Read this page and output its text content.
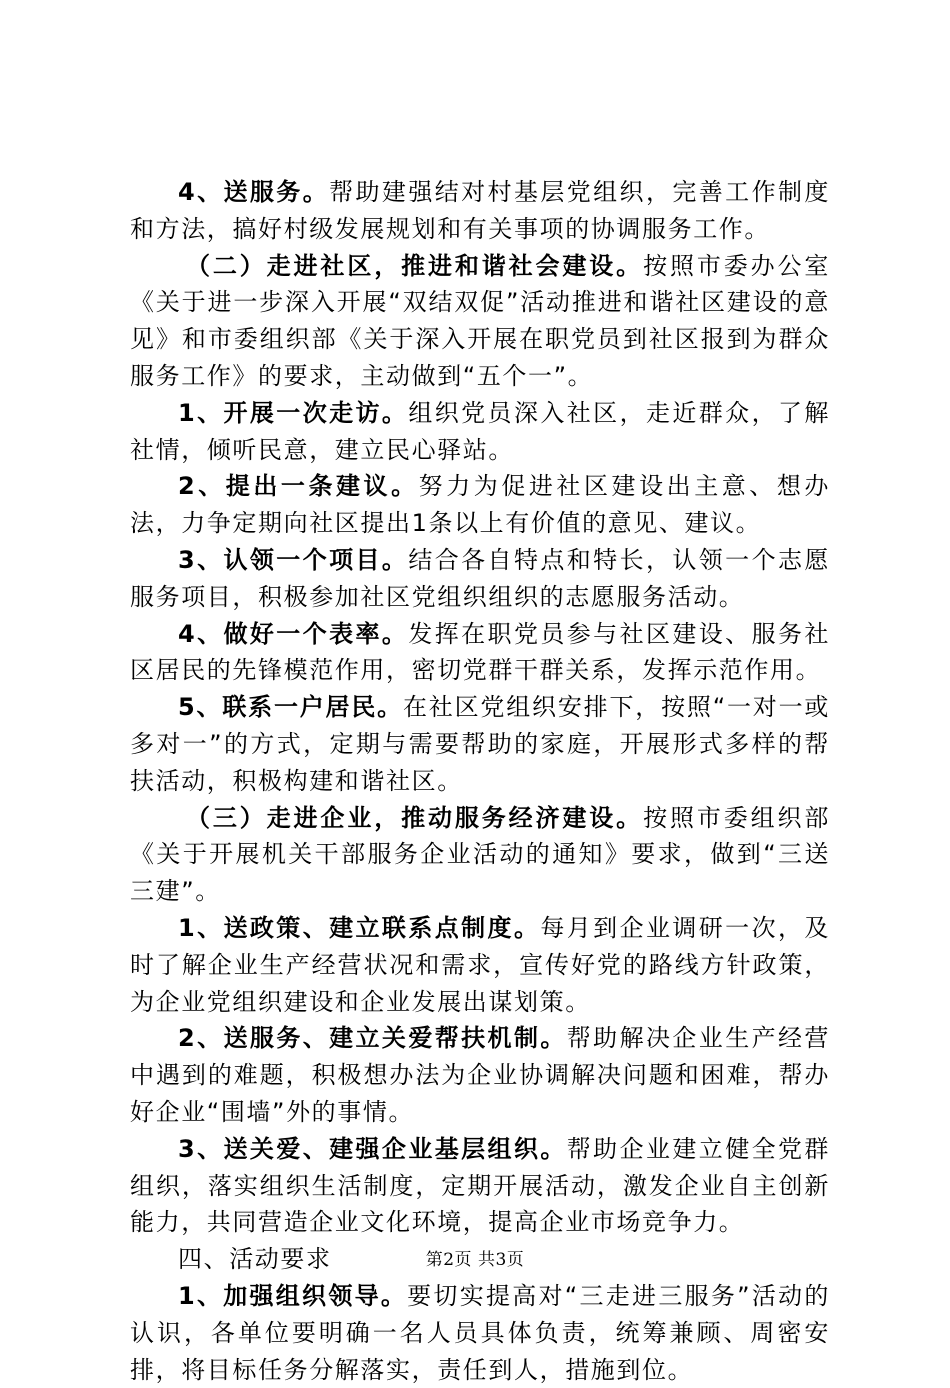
4、送服务。帮助建强结对村基层党组织，完善工作制度和方法，搞好村级发展规划和有关事项的协调服务工作。

（二）走进社区，推进和谐社会建设。按照市委办公室《关于进一步深入开展“双结双促”活动推进和谐社区建设的意见》和市委组织部《关于深入开展在职党员到社区报到为群众服务工作》的要求，主动做到“五个一”。

1、开展一次走访。组织党员深入社区，走近群众，了解社情，倾听民意，建立民心驿站。

2、提出一条建议。努力为促进社区建设出主意、想办法，力争定期向社区提出1条以上有价值的意见、建议。

3、认领一个项目。结合各自特点和特长，认领一个志愿服务项目，积极参加社区党组织组织的志愿服务活动。

4、做好一个表率。发挥在职党员参与社区建设、服务社区居民的先锋模范作用，密切党群干群关系，发挥示范作用。

5、联系一户居民。在社区党组织安排下，按照“一对一或多对一”的方式，定期与需要帮助的家庭，开展形式多样的帮扶活动，积极构建和谐社区。

（三）走进企业，推动服务经济建设。按照市委组织部《关于开展机关干部服务企业活动的通知》要求，做到“三送三建”。

1、送政策、建立联系点制度。每月到企业调研一次，及时了解企业生产经营状况和需求，宣传好党的路线方针政策，为企业党组织建设和企业发展出谋划策。

2、送服务、建立关爱帮扶机制。帮助解决企业生产经营中遇到的难题，积极想办法为企业协调解决问题和困难，帮办好企业“围墙”外的事情。

3、送关爱、建强企业基层组织。帮助企业建立健全党群组织，落实组织生活制度，定期开展活动，激发企业自主创新能力，共同营造企业文化环境，提高企业市场竞争力。

四、活动要求

1、加强组织领导。要切实提高对“三走进三服务”活动的认识，各单位要明确一名人员具体负责，统筹兼顾、周密安排，将目标任务分解落实，责任到人，措施到位。

第2页 共3页
